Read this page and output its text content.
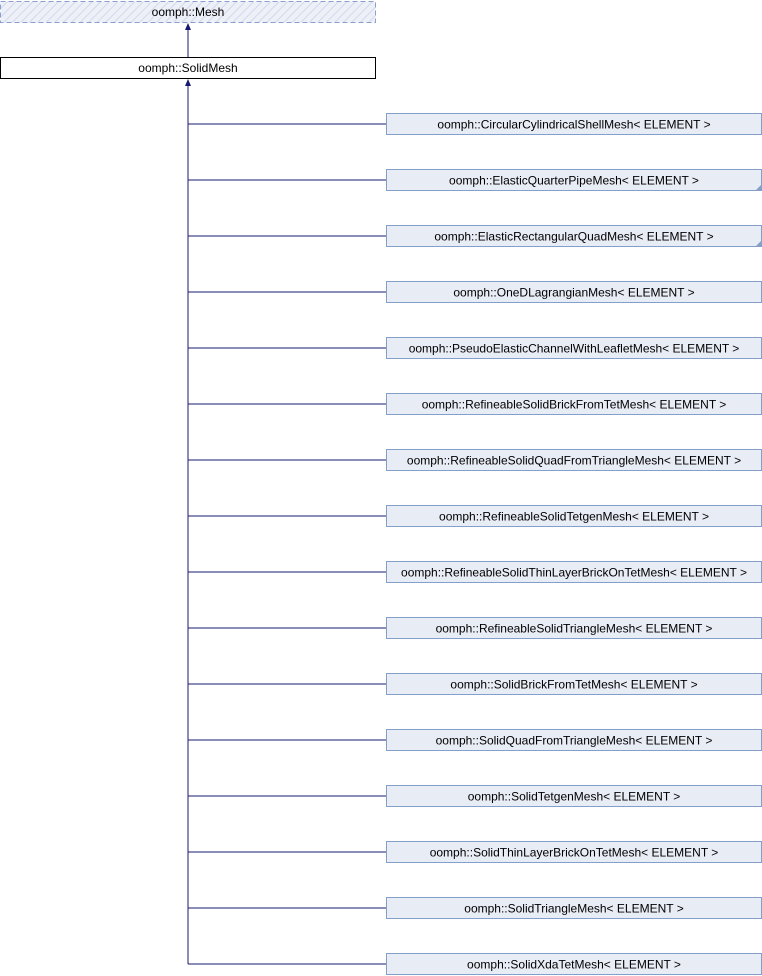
oomph::Mesh
oomph::SolidMesh
oomph::CircularCylindricalShellMesh< ELEMENT >
oomph::ElasticQuarterPipeMesh< ELEMENT >
oomph::ElasticRectangularQuadMesh< ELEMENT >
oomph::OneDLagrangianMesh< ELEMENT >
oomph::PseudoElasticChannelWithLeafletMesh< ELEMENT >
oomph::RefineableSolidBrickFromTetMesh< ELEMENT >
oomph::RefineableSolidQuadFromTriangleMesh< ELEMENT >
oomph::RefineableSolidTetgenMesh< ELEMENT >
oomph::RefineableSolidThinLayerBrickOnTetMesh< ELEMENT >
oomph::RefineableSolidTriangleMesh< ELEMENT >
oomph::SolidBrickFromTetMesh< ELEMENT >
oomph::SolidQuadFromTriangleMesh< ELEMENT >
oomph::SolidTetgenMesh< ELEMENT >
oomph::SolidThinLayerBrickOnTetMesh< ELEMENT >
oomph::SolidTriangleMesh< ELEMENT >
oomph::SolidXdaTetMesh< ELEMENT >
